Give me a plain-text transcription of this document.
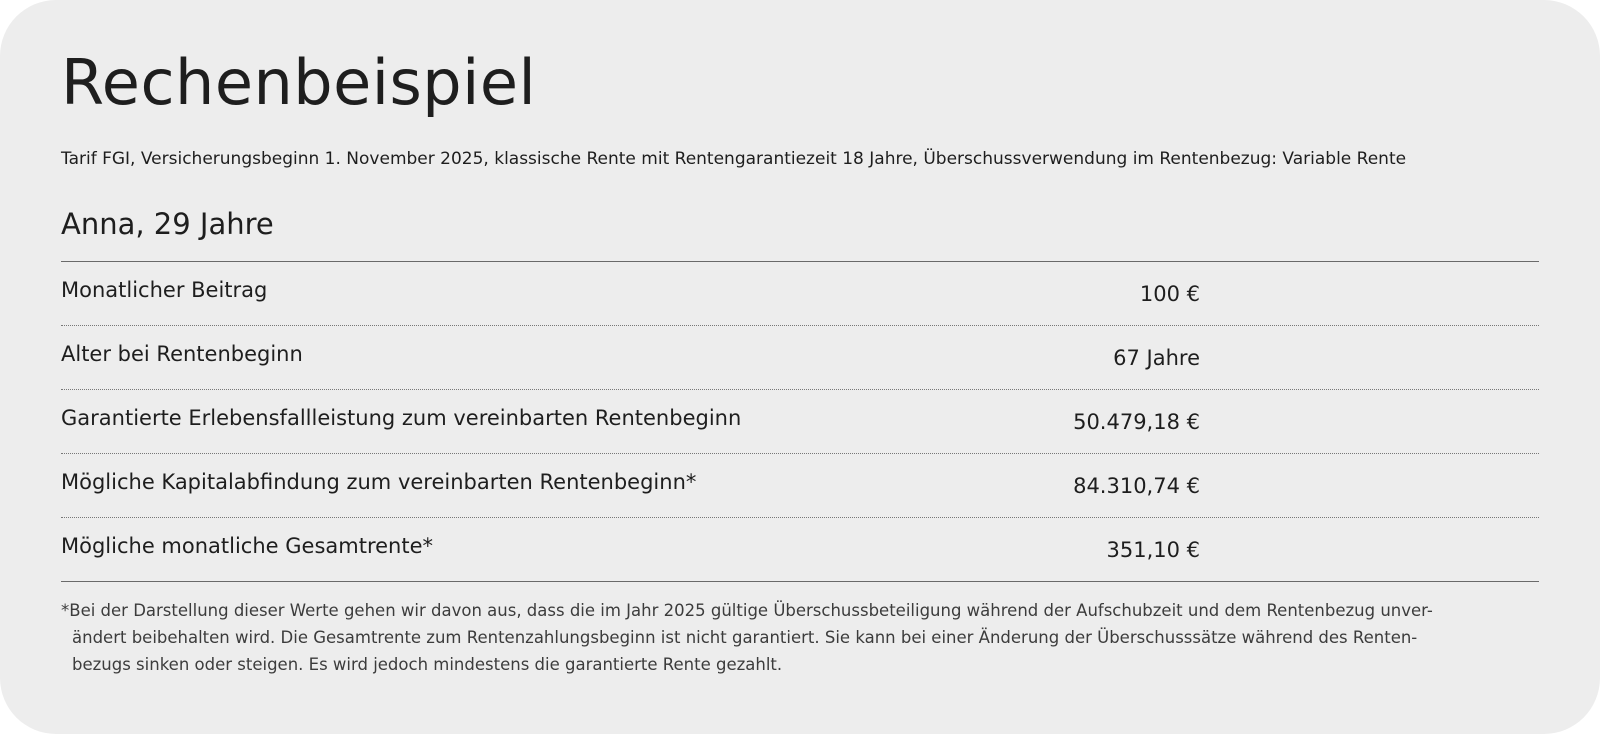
Rechenbeispiel

Tarif FGI, Versicherungsbeginn 1. November 2025, klassische Rente mit Rentengarantiezeit 18 Jahre, Überschussverwendung im Rentenbezug: Variable Rente

Anna, 29 Jahre
Monatlicher Beitrag	100 €
Alter bei Rentenbeginn	67 Jahre
Garantierte Erlebensfallleistung zum vereinbarten Rentenbeginn	50.479,18 €
Mögliche Kapitalabfindung zum vereinbarten Rentenbeginn*	84.310,74 €
Mögliche monatliche Gesamtrente*	351,10 €

*Bei der Darstellung dieser Werte gehen wir davon aus, dass die im Jahr 2025 gültige Überschussbeteiligung während der Aufschubzeit und dem Rentenbezug unver-
ändert beibehalten wird. Die Gesamtrente zum Rentenzahlungsbeginn ist nicht garantiert. Sie kann bei einer Änderung der Überschusssätze während des Renten-
bezugs sinken oder steigen. Es wird jedoch mindestens die garantierte Rente gezahlt.
